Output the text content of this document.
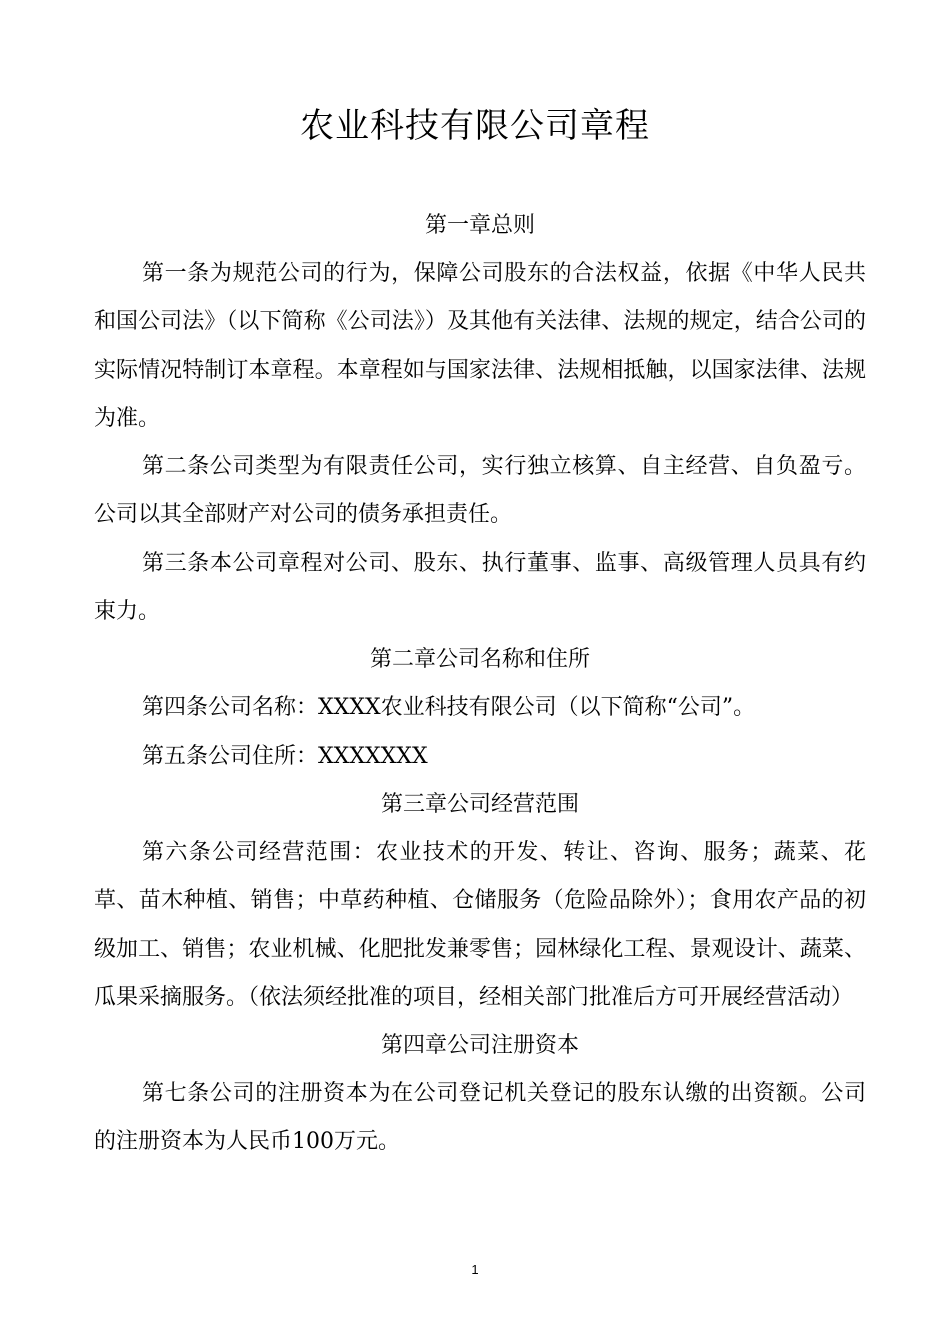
农业科技有限公司章程

第一章总则

第一条为规范公司的行为，保障公司股东的合法权益，依据《中华人民共和国公司法》（以下简称《公司法》）及其他有关法律、法规的规定，结合公司的实际情况特制订本章程。本章程如与国家法律、法规相抵触，以国家法律、法规为准。

第二条公司类型为有限责任公司，实行独立核算、自主经营、自负盈亏。公司以其全部财产对公司的债务承担责任。

第三条本公司章程对公司、股东、执行董事、监事、高级管理人员具有约束力。

第二章公司名称和住所

第四条公司名称：XXXX农业科技有限公司（以下简称“公司”。

第五条公司住所：XXXXXXX

第三章公司经营范围

第六条公司经营范围：农业技术的开发、转让、咨询、服务；蔬菜、花草、苗木种植、销售；中草药种植、仓储服务（危险品除外）；食用农产品的初级加工、销售；农业机械、化肥批发兼零售；园林绿化工程、景观设计、蔬菜、瓜果采摘服务。（依法须经批准的项目，经相关部门批准后方可开展经营活动）

第四章公司注册资本

第七条公司的注册资本为在公司登记机关登记的股东认缴的出资额。公司的注册资本为人民币100万元。

1
